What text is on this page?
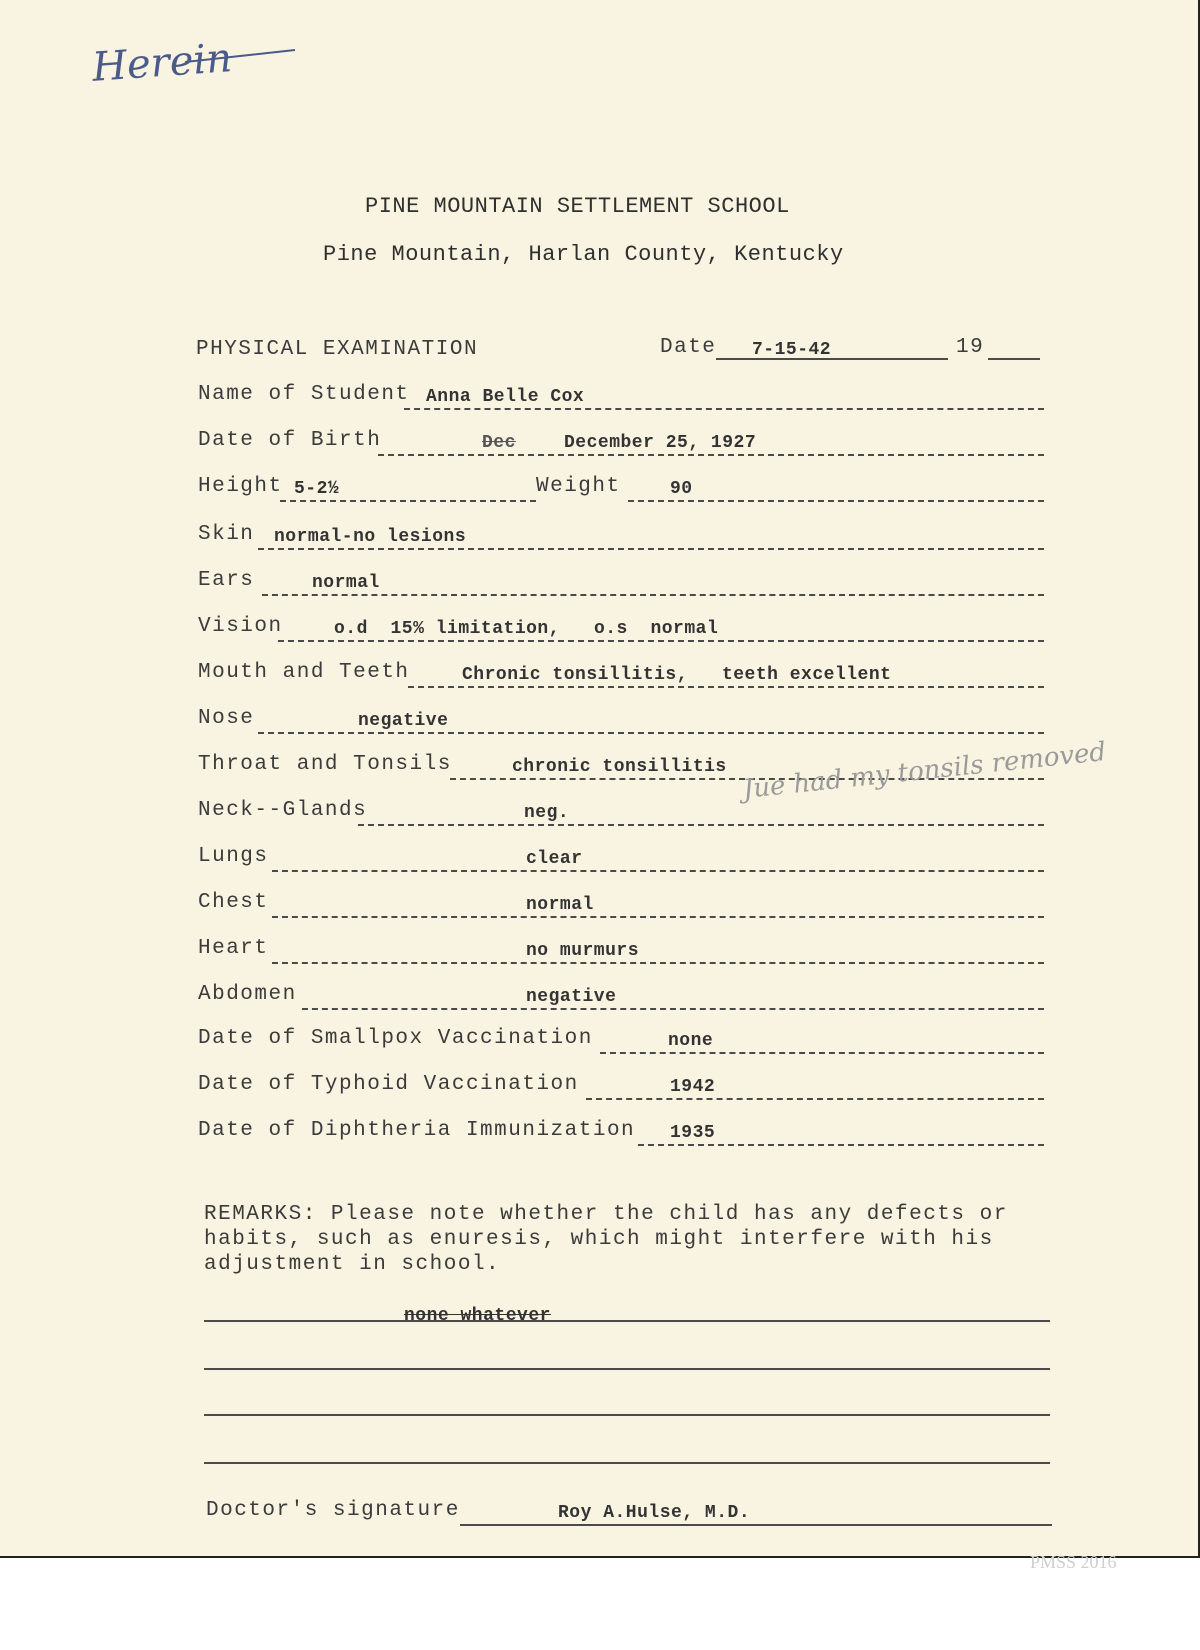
Herein
PINE MOUNTAIN SETTLEMENT SCHOOL
Pine Mountain, Harlan County, Kentucky
PHYSICAL EXAMINATION	Date 7-15-42	19
Name of Student Anna Belle Cox
Date of Birth	Dec	December 25, 1927
Height 5-2½	Weight	90
Skin normal-no lesions
Ears	normal
Vision	o.d  15% limitation,   o.s  normal
Mouth and Teeth	Chronic tonsillitis,   teeth excellent
Nose	negative
Throat and Tonsils	chronic tonsillitis Jue had my tonsils removed
Neck--Glands	neg.
Lungs	clear
Chest	normal
Heart	no murmurs
Abdomen	negative
Date of Smallpox Vaccination	none
Date of Typhoid Vaccination	1942
Date of Diphtheria Immunization 1935
REMARKS: Please note whether the child has any defects or habits, such as enuresis, which might interfere with his adjustment in school.
none whatever
Doctor's signature	Roy A.Hulse, M.D.
PMSS 2016
